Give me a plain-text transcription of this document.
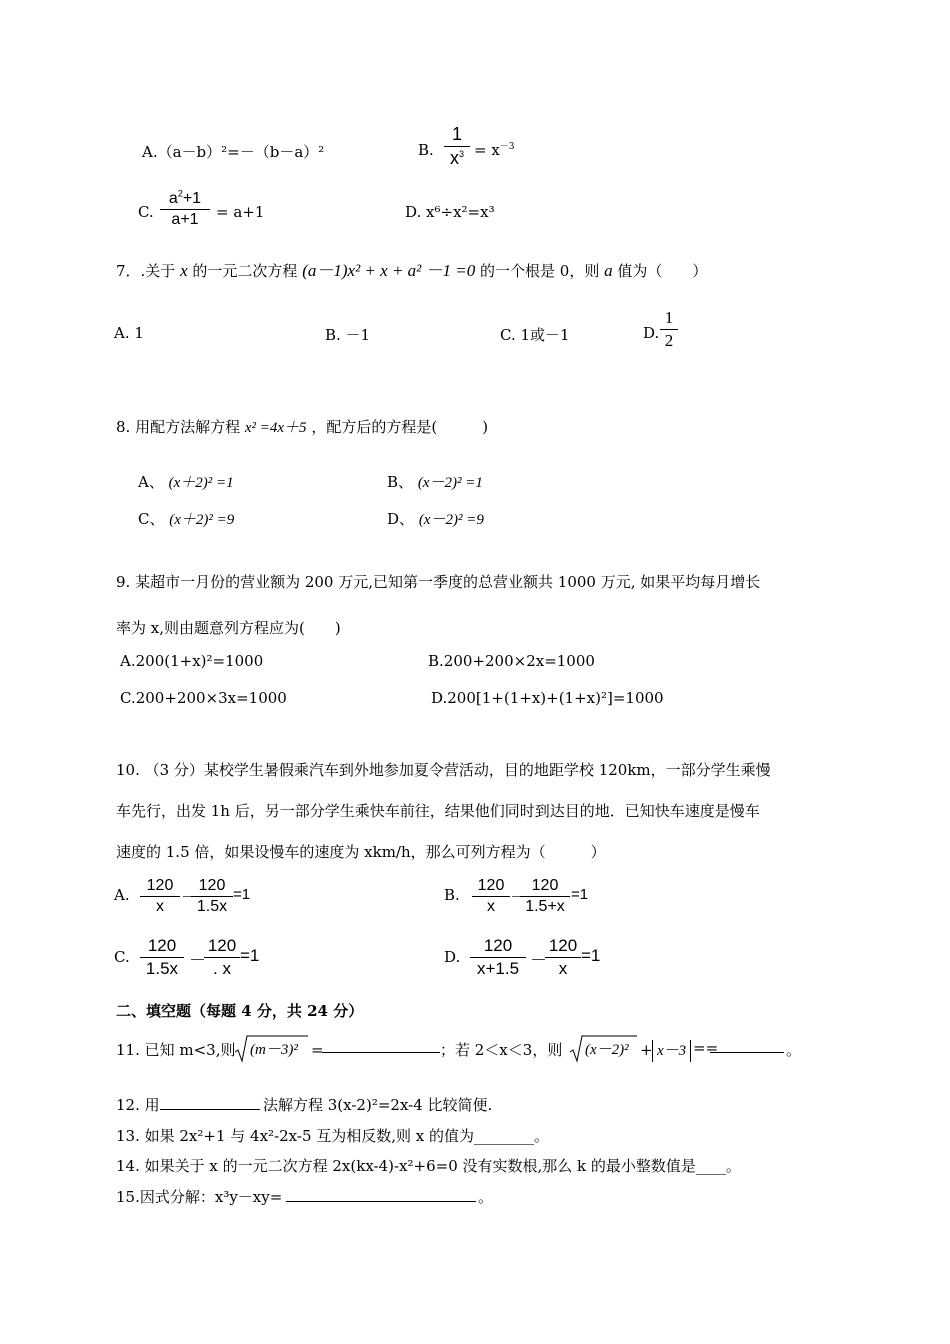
A.（a－b）²=－（b－a）²	B.
1
$x^3 = x^{-3}$
C.
$a^2+1$
a+1	= a+1	D. x⁶÷x²=x³
7．.关于 x 的一元二次方程 (a－1)x² + x + a² －1 =0 的一个根是 0，则 a 值为（　　）
A. 1	B. －1	C. 1或－1	D.
1
2
8. 用配方法解方程 x² =4x＋5 ，配方后的方程是(　　　)
A、 (x＋2)² =1	B、 (x－2)² =1
C、 (x＋2)² =9	D、 (x－2)² =9
9. 某超市一月份的营业额为 200 万元,已知第一季度的总营业额共 1000 万元, 如果平均每月增长
率为 x,则由题意列方程应为(　　)
A.200(1+x)²=1000	B.200+200×2x=1000
C.200+200×3x=1000	D.200[1+(1+x)+(1+x)²]=1000
10. （3 分）某校学生暑假乘汽车到外地参加夏令营活动，目的地距学校 120km，一部分学生乘慢
车先行，出发 1h 后，另一部分学生乘快车前往，结果他们同时到达目的地．已知快车速度是慢车
速度的 1.5 倍，如果设慢车的速度为 xkm/h，那么可列方程为（　　　）
A.
120
x
－
120
1.5x
=1	B.
120
x
－
120
1.5+x
=1
C.
120
1.5x －
120
. x
=1	D.
120
x+1.5 －
120
x
=1
二、填空题（每题 4 分，共 24 分）
11. 已知 m<3,则 (m－3)² =	；若 2＜x＜3，则 (x－2)² + x－3 ==	。
12. 用	法解方程 3(x-2)²=2x-4 比较简便.
13. 如果 2x²+1 与 4x²-2x-5 互为相反数,则 x 的值为________。
14. 如果关于 x 的一元二次方程 2x(kx-4)-x²+6=0 没有实数根,那么 k 的最小整数值是____。
15.因式分解：x³y－xy=	。
